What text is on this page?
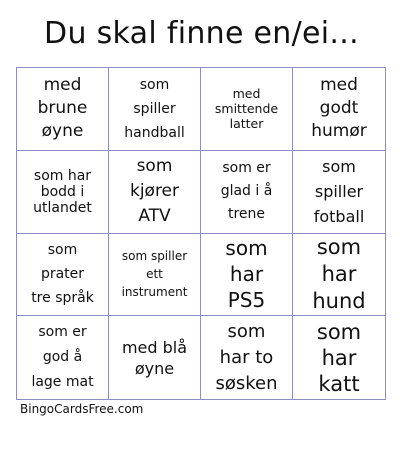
Du skal finne en/ei...
med
brune
øyne
som
spiller
handball
med
smittende
latter
med
godt
humør
som har
bodd i
utlandet
som
kjører
ATV
som er
glad i å
trene
som
spiller
fotball
som
prater
tre språk
som spiller
ett
instrument
som
har
PS5
som
har
hund
som er
god å
lage mat
med blå
øyne
som
har to
søsken
som
har
katt
BingoCardsFree.com
